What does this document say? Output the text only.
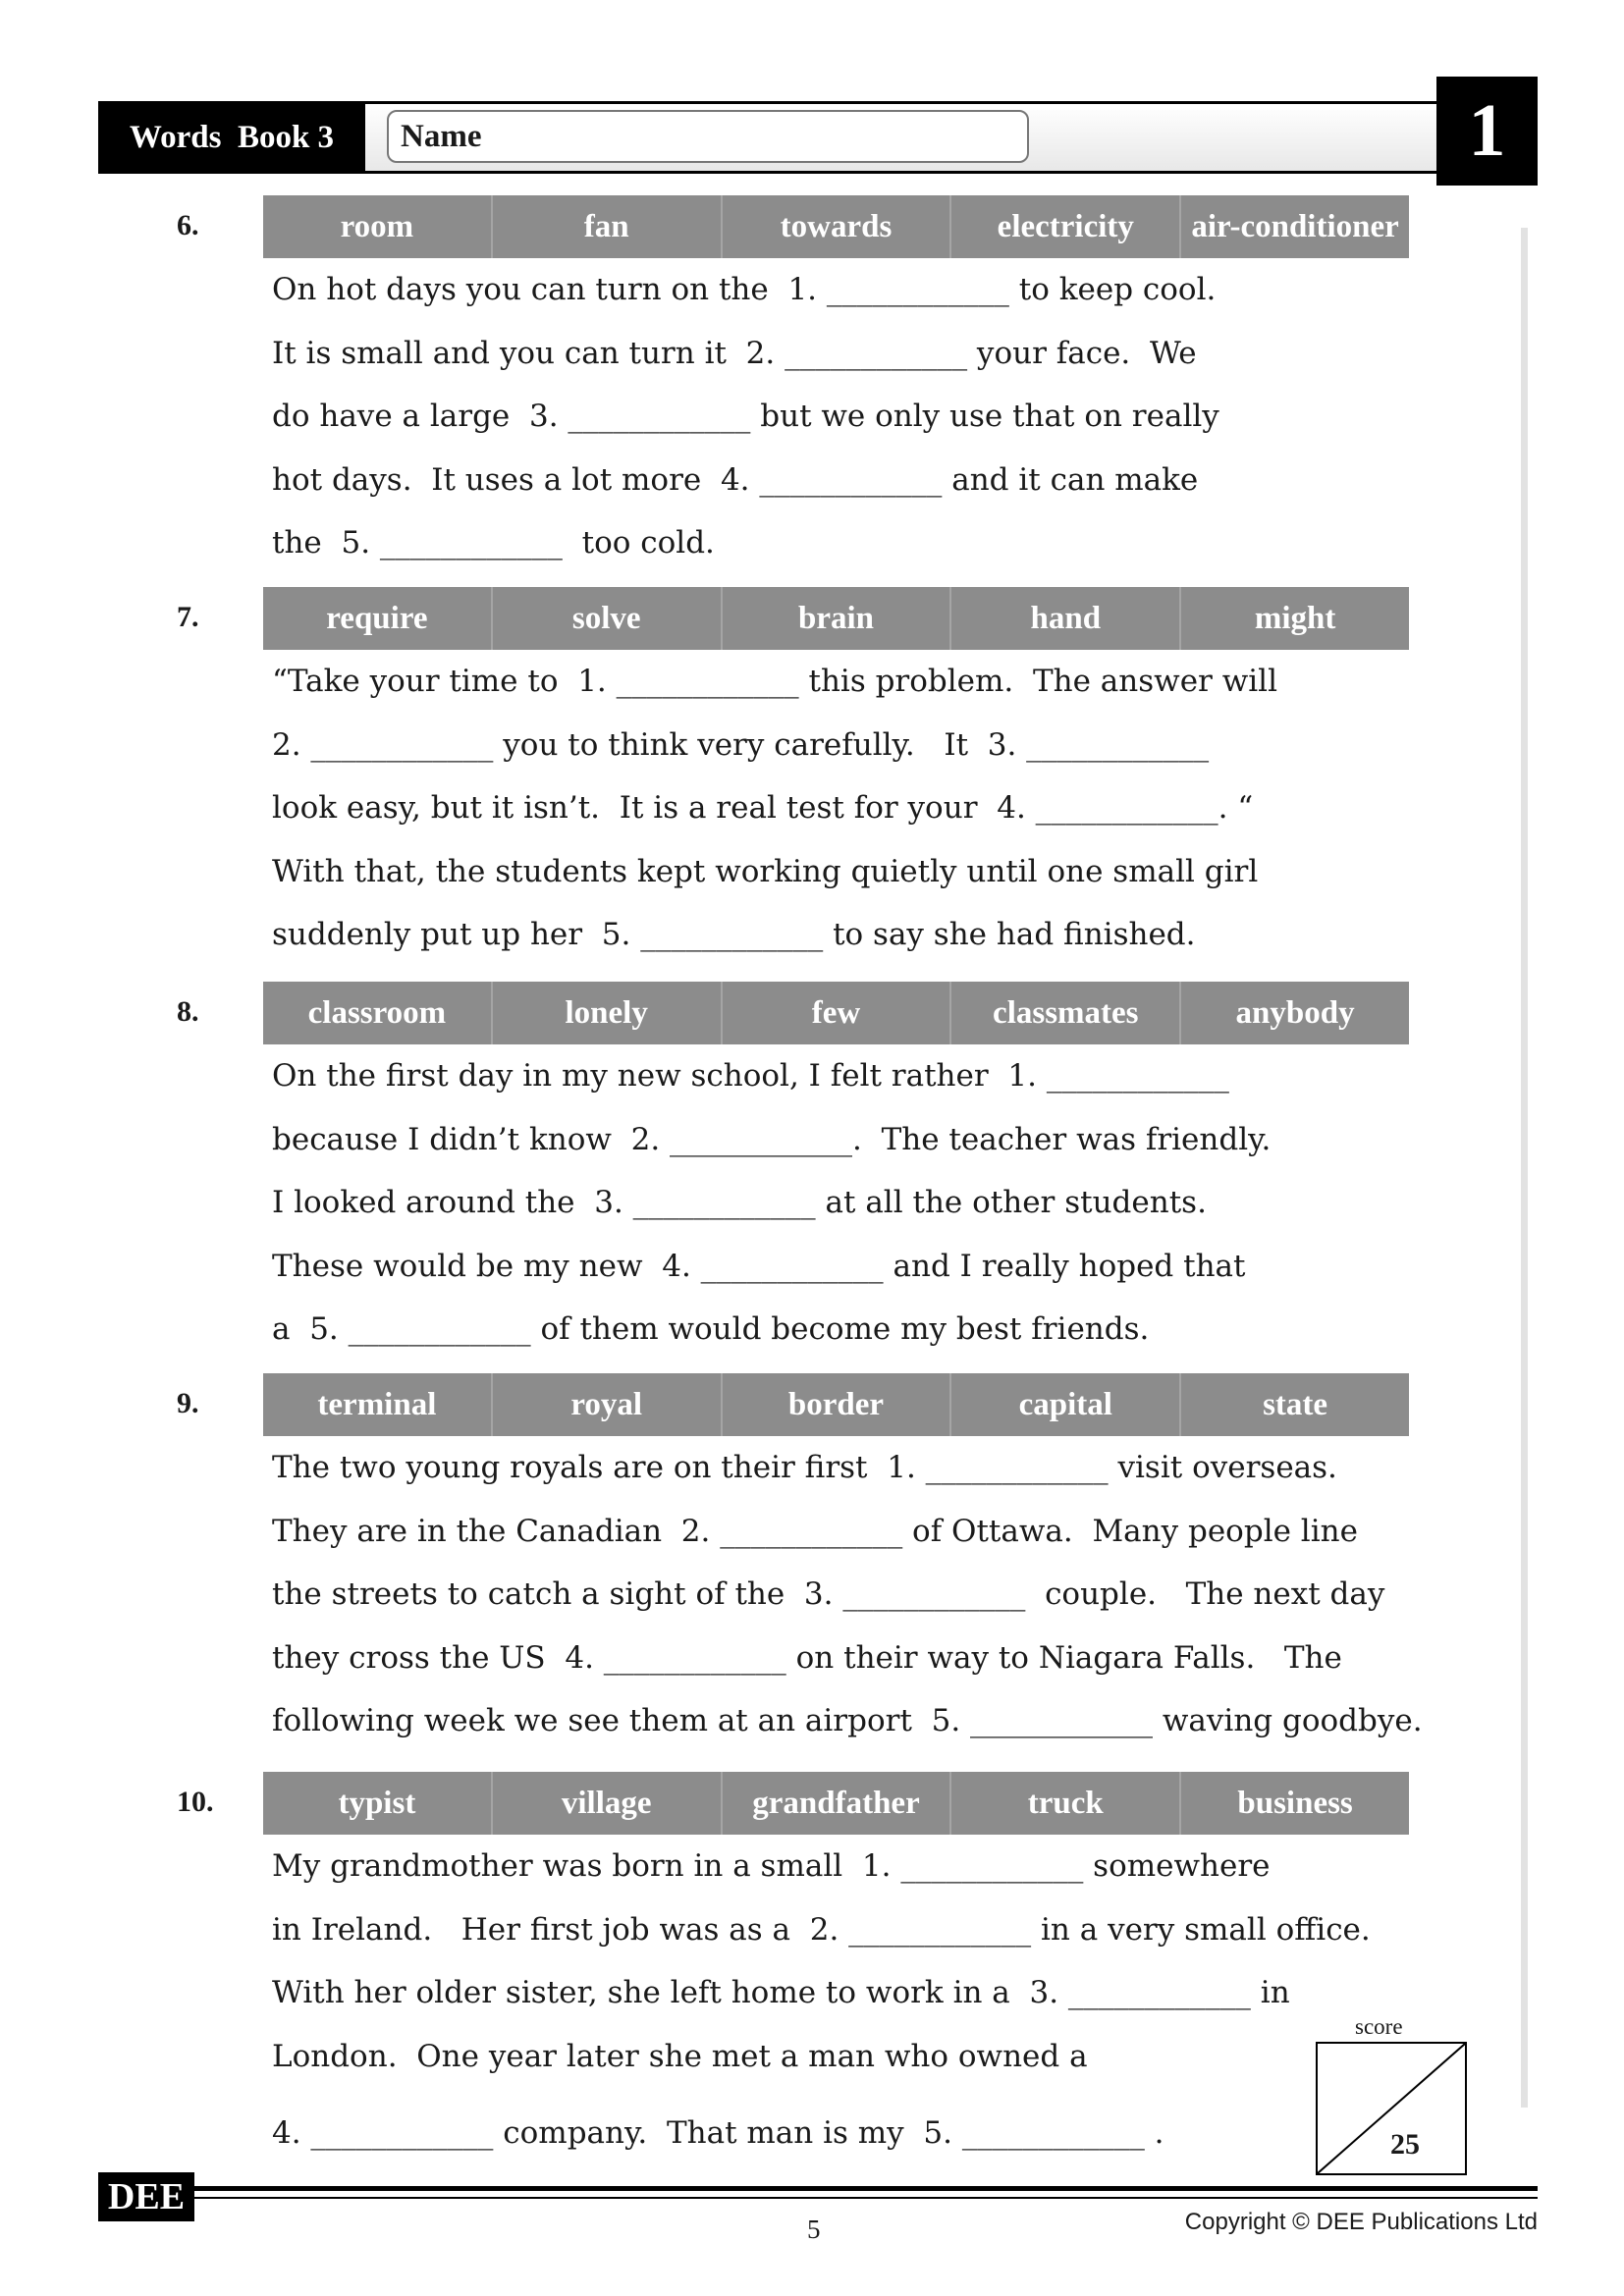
Words  Book 3	Name	1
6.	room	fan	towards	electricity	air-conditioner
On hot days you can turn on the  1. ____________ to keep cool.
It is small and you can turn it  2. ____________ your face.  We
do have a large  3. ____________ but we only use that on really
hot days.  It uses a lot more  4. ____________ and it can make
the  5. ____________  too cold.
7.	require	solve	brain	hand	might
“Take your time to  1. ____________ this problem.  The answer will
2. ____________ you to think very carefully.   It  3. ____________
look easy, but it isn’t.  It is a real test for your  4. ____________. “
With that, the students kept working quietly until one small girl
suddenly put up her  5. ____________ to say she had finished.
8.	classroom	lonely	few	classmates	anybody
On the first day in my new school, I felt rather  1. ____________
because I didn’t know  2. ____________.  The teacher was friendly.
I looked around the  3. ____________ at all the other students.
These would be my new  4. ____________ and I really hoped that
a  5. ____________ of them would become my best friends.
9.	terminal	royal	border	capital	state
The two young royals are on their first  1. ____________ visit overseas.
They are in the Canadian  2. ____________ of Ottawa.  Many people line
the streets to catch a sight of the  3. ____________  couple.   The next day
they cross the US  4. ____________ on their way to Niagara Falls.   The
following week we see them at an airport  5. ____________ waving goodbye.
10.	typist	village	grandfather	truck	business
My grandmother was born in a small  1. ____________ somewhere
in Ireland.   Her first job was as a  2. ____________ in a very small office.
With her older sister, she left home to work in a  3. ____________ in
London.  One year later she met a man who owned a
4. ____________ company.  That man is my  5. ____________ .
score
25
DEE
5	Copyright © DEE Publications Ltd
